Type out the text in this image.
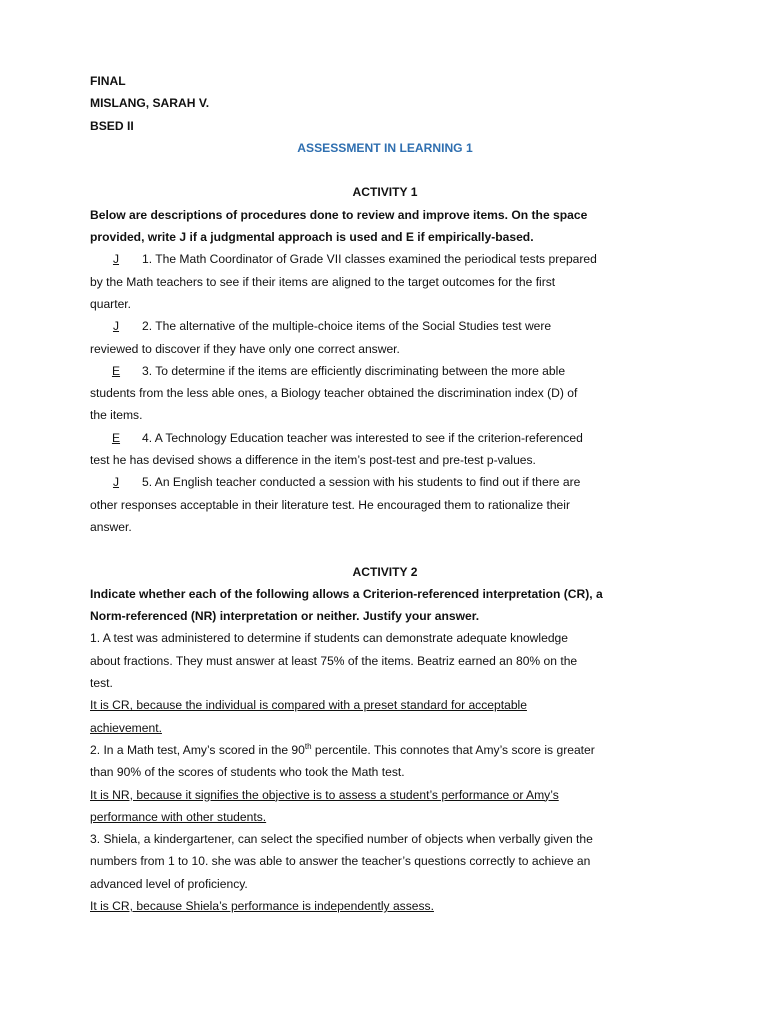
FINAL
MISLANG, SARAH V.
BSED II
ASSESSMENT IN LEARNING 1
ACTIVITY 1
Below are descriptions of procedures done to review and improve items. On the space
provided, write J if a judgmental approach is used and E if empirically-based.
J 1. The Math Coordinator of Grade VII classes examined the periodical tests prepared
by the Math teachers to see if their items are aligned to the target outcomes for the first
quarter.
J 2. The alternative of the multiple-choice items of the Social Studies test were
reviewed to discover if they have only one correct answer.
E 3. To determine if the items are efficiently discriminating between the more able
students from the less able ones, a Biology teacher obtained the discrimination index (D) of
the items.
E 4. A Technology Education teacher was interested to see if the criterion-referenced
test he has devised shows a difference in the item’s post-test and pre-test p-values.
J 5. An English teacher conducted a session with his students to find out if there are
other responses acceptable in their literature test. He encouraged them to rationalize their
answer.
ACTIVITY 2
Indicate whether each of the following allows a Criterion-referenced interpretation (CR), a
Norm-referenced (NR) interpretation or neither. Justify your answer.
1. A test was administered to determine if students can demonstrate adequate knowledge
about fractions. They must answer at least 75% of the items. Beatriz earned an 80% on the
test.
It is CR, because the individual is compared with a preset standard for acceptable
achievement.
2. In a Math test, Amy’s scored in the 90th percentile. This connotes that Amy’s score is greater
than 90% of the scores of students who took the Math test.
It is NR, because it signifies the objective is to assess a student’s performance or Amy’s
performance with other students.
3. Shiela, a kindergartener, can select the specified number of objects when verbally given the
numbers from 1 to 10. she was able to answer the teacher’s questions correctly to achieve an
advanced level of proficiency.
It is CR, because Shiela’s performance is independently assess.
